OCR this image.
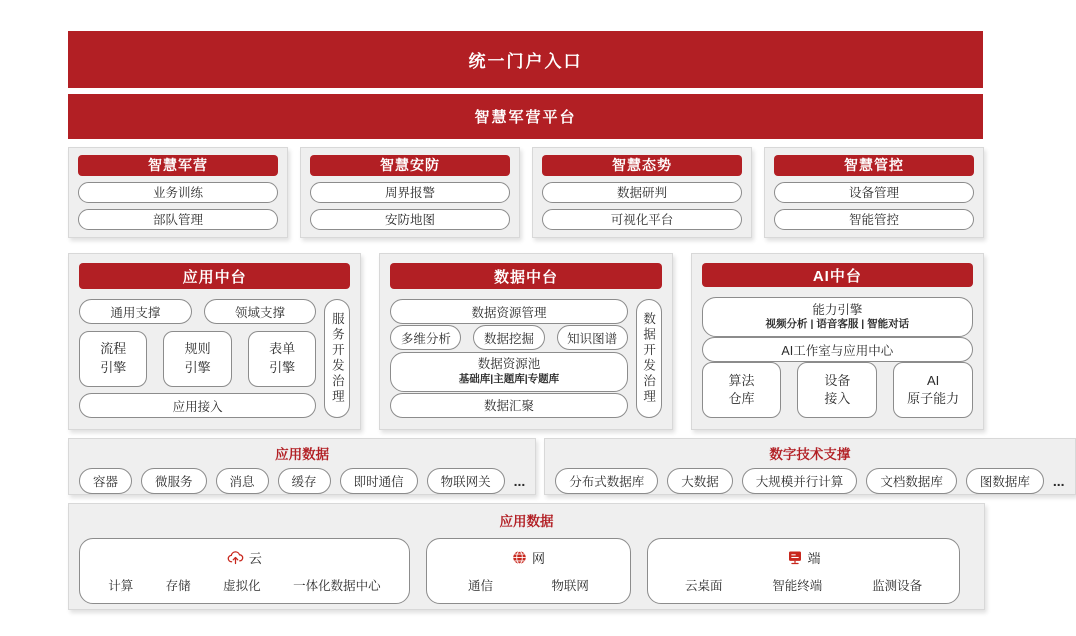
统一门户入口
智慧军营平台
智慧军营
业务训练
部队管理
智慧安防
周界报警
安防地图
智慧态势
数据研判
可视化平台
智慧管控
设备管理
智能管控
应用中台
通用支撑	领域支撑
流程
引擎
规则
引擎
表单
引擎
应用接入
服务开发治理
数据中台
数据资源管理
多维分析	数据挖掘	知识图谱
数据资源池
基础库|主题库|专题库
数据汇聚
数据开发治理
AI中台
能力引擎
视频分析 | 语音客服 | 智能对话
AI工作室与应用中心
算法
仓库
设备
接入
AI
原子能力
应用数据
容器	微服务	消息	缓存	即时通信	物联网关	...
数字技术支撑
分布式数据库	大数据	大规模并行计算	文档数据库	图数据库	...
应用数据
云
计算	存储	虚拟化	一体化数据中心
网
通信	物联网
端
云桌面	智能终端	监测设备
